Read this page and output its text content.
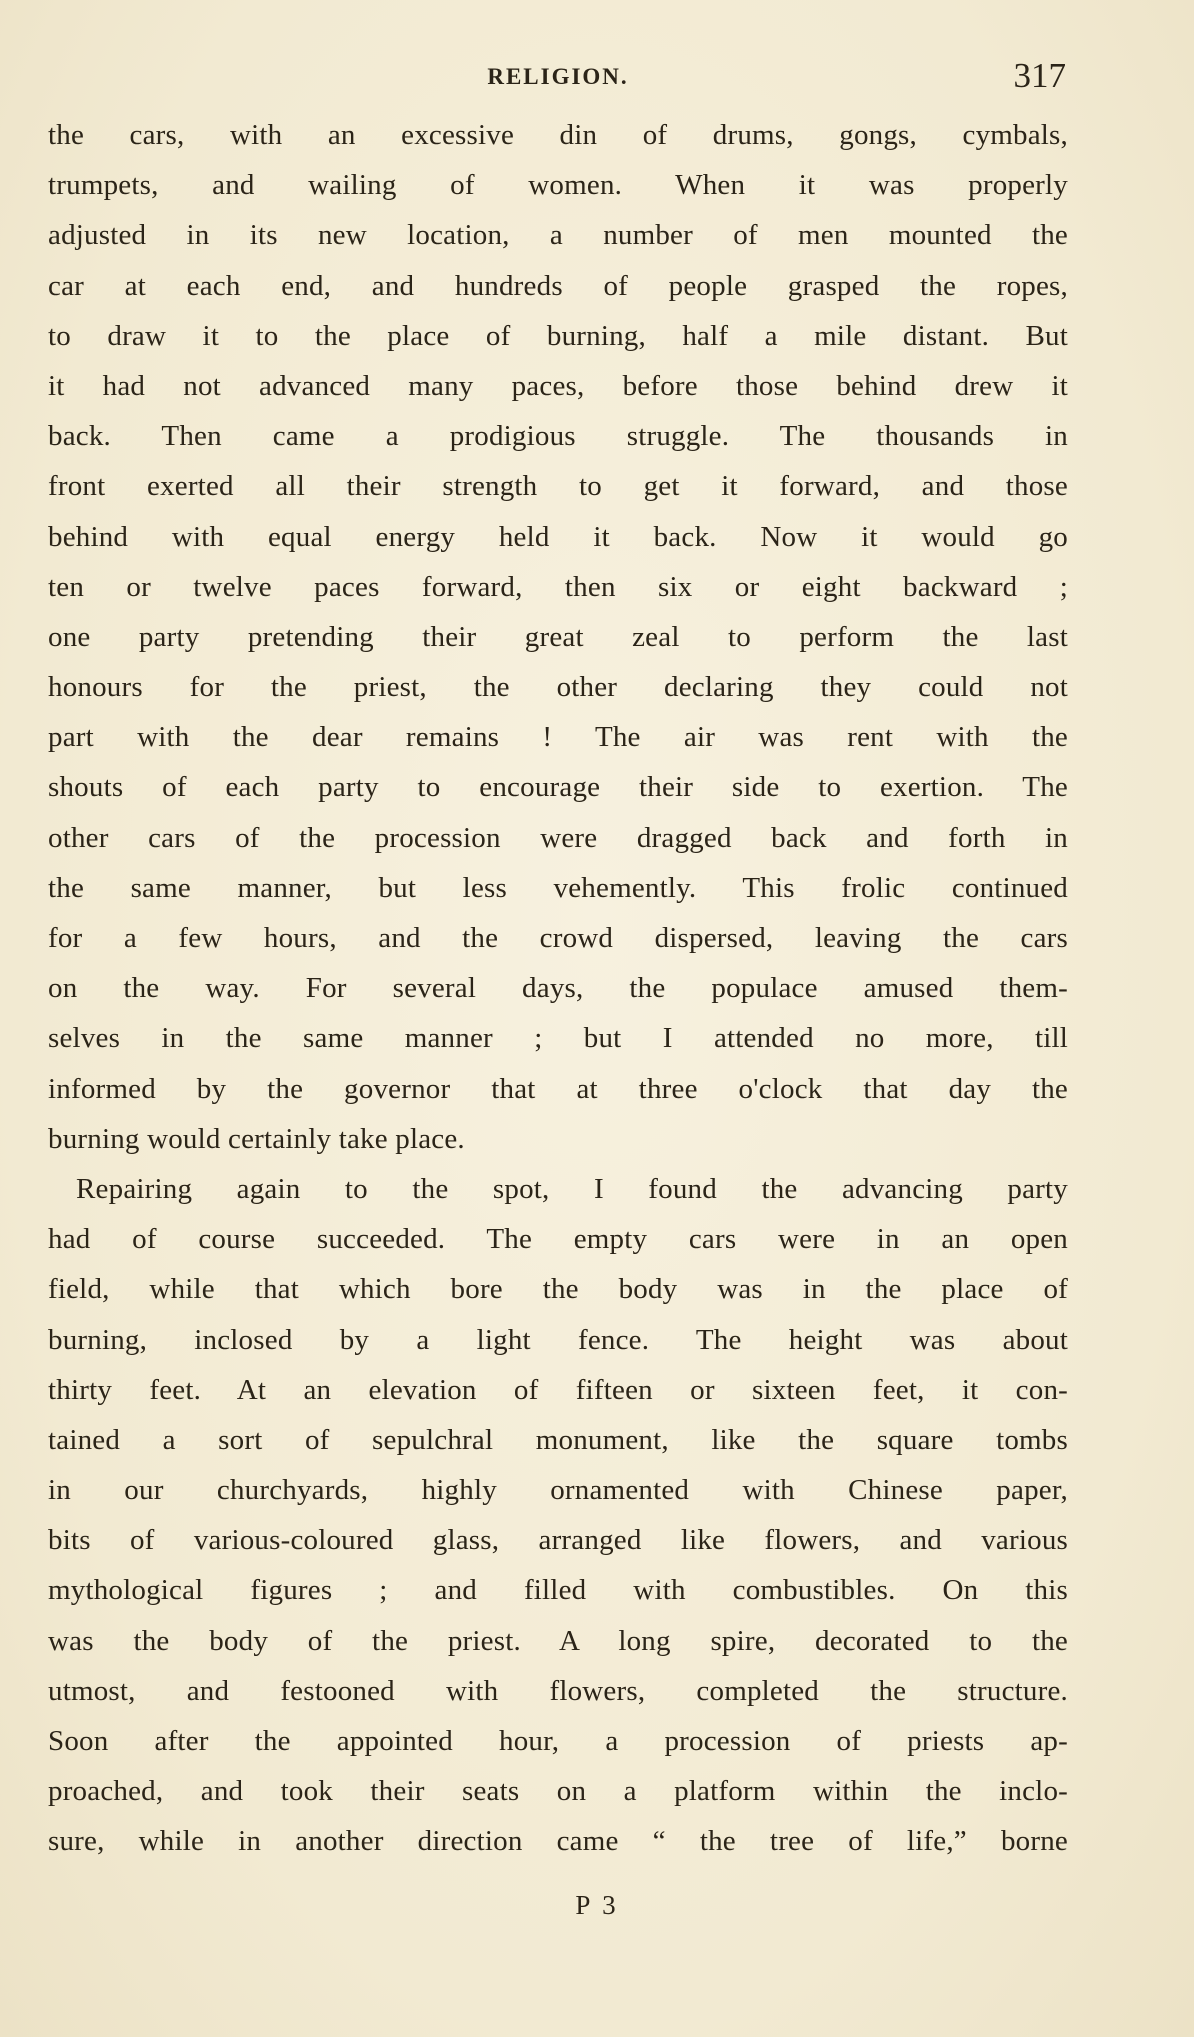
RELIGION.	317
the cars, with an excessive din of drums, gongs, cymbals,
trumpets, and wailing of women. When it was properly
adjusted in its new location, a number of men mounted the
car at each end, and hundreds of people grasped the ropes,
to draw it to the place of burning, half a mile distant. But
it had not advanced many paces, before those behind drew it
back. Then came a prodigious struggle. The thousands in
front exerted all their strength to get it forward, and those
behind with equal energy held it back. Now it would go
ten or twelve paces forward, then six or eight backward ;
one party pretending their great zeal to perform the last
honours for the priest, the other declaring they could not
part with the dear remains ! The air was rent with the
shouts of each party to encourage their side to exertion. The
other cars of the procession were dragged back and forth in
the same manner, but less vehemently. This frolic continued
for a few hours, and the crowd dispersed, leaving the cars
on the way. For several days, the populace amused them-
selves in the same manner ; but I attended no more, till
informed by the governor that at three o'clock that day the
burning would certainly take place.
Repairing again to the spot, I found the advancing party
had of course succeeded. The empty cars were in an open
field, while that which bore the body was in the place of
burning, inclosed by a light fence. The height was about
thirty feet. At an elevation of fifteen or sixteen feet, it con-
tained a sort of sepulchral monument, like the square tombs
in our churchyards, highly ornamented with Chinese paper,
bits of various-coloured glass, arranged like flowers, and various
mythological figures ; and filled with combustibles. On this
was the body of the priest. A long spire, decorated to the
utmost, and festooned with flowers, completed the structure.
Soon after the appointed hour, a procession of priests ap-
proached, and took their seats on a platform within the inclo-
sure, while in another direction came “ the tree of life,” borne
P 3
